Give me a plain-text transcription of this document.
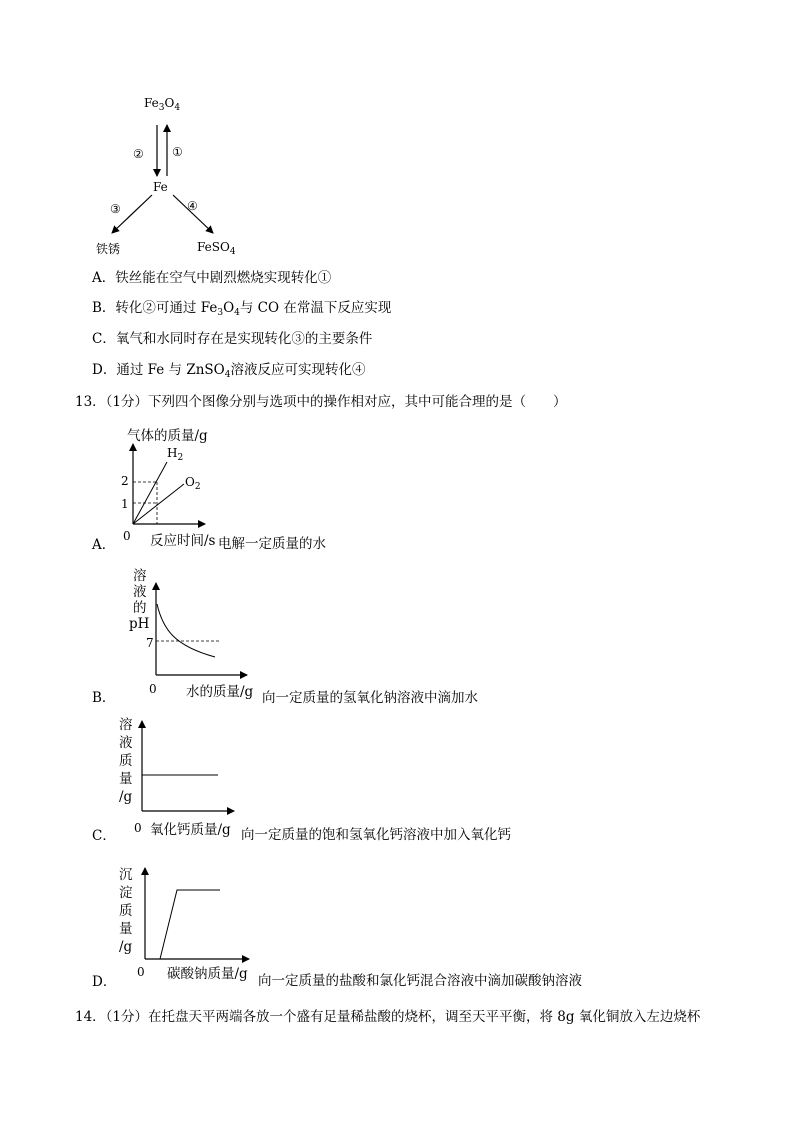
$Fe_3O_4$
Fe
铁锈	FeSO$_4$
② ①
③	④
A．铁丝能在空气中剧烈燃烧实现转化①
B．转化②可通过 $Fe_3O_4$与 CO 在常温下反应实现
C．氧气和水同时存在是实现转化③的主要条件
D．通过 Fe 与 ZnSO$_4$溶液反应可实现转化④
13．（1分）下列四个图像分别与选项中的操作相对应，其中可能合理的是（　　）
气体的质量/g
0 反应时间/s
1
2
$H_2$
$O_2$
A．	电解一定质量的水
溶
液
的
pH
7
0 水的质量/g
B．	向一定质量的氢氧化钠溶液中滴加水
溶
液
质
量
/g
0 氧化钙质量/g
C．	向一定质量的饱和氢氧化钙溶液中加入氧化钙
沉
淀
质
量
/g
0 碳酸钠质量/g
D．	向一定质量的盐酸和氯化钙混合溶液中滴加碳酸钠溶液
14．（1分）在托盘天平两端各放一个盛有足量稀盐酸的烧杯，调至天平平衡，将 8g 氧化铜放入左边烧杯
